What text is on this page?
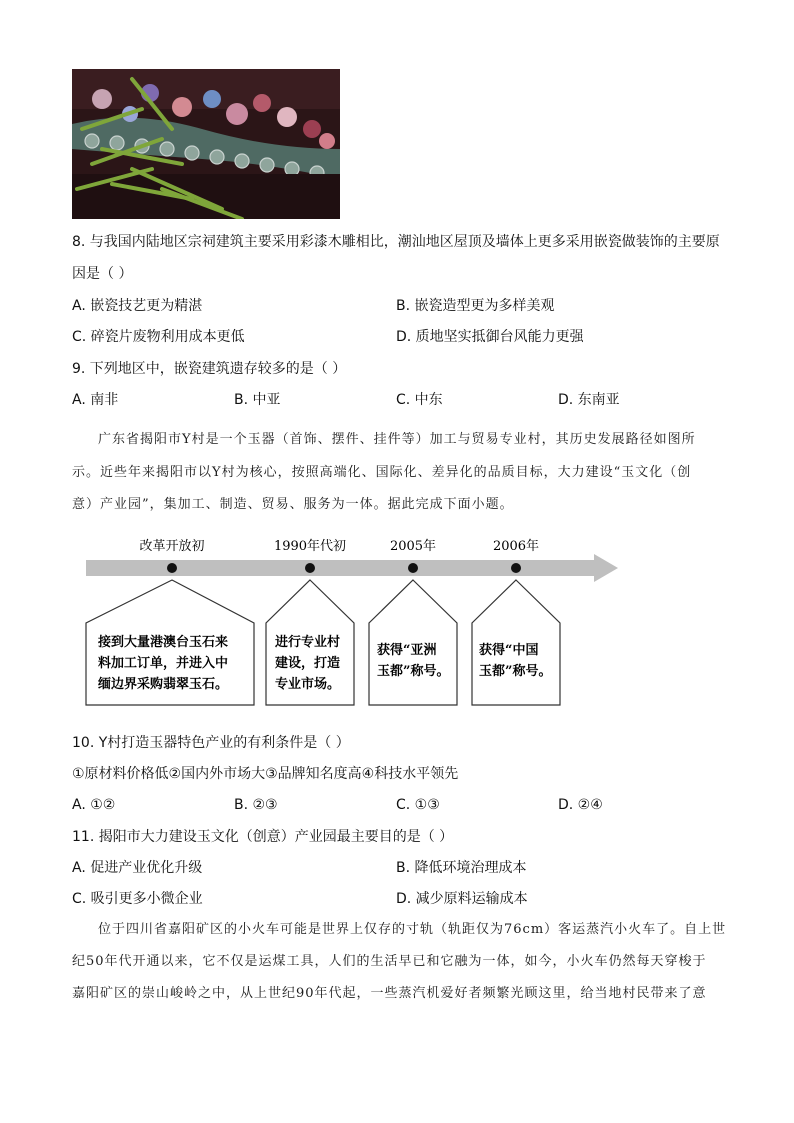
8. 与我国内陆地区宗祠建筑主要采用彩漆木雕相比，潮汕地区屋顶及墙体上更多采用嵌瓷做装饰的主要原
因是（ ）
A. 嵌瓷技艺更为精湛	B. 嵌瓷造型更为多样美观
C. 碎瓷片废物利用成本更低	D. 质地坚实抵御台风能力更强
9. 下列地区中，嵌瓷建筑遗存较多的是（ ）
A. 南非	B. 中亚	C. 中东	D. 东南亚
广东省揭阳市Y村是一个玉器（首饰、摆件、挂件等）加工与贸易专业村，其历史发展路径如图所
示。近些年来揭阳市以Y村为核心，按照高端化、国际化、差异化的品质目标，大力建设“玉文化（创
意）产业园”，集加工、制造、贸易、服务为一体。据此完成下面小题。
改革开放初
接到大量港澳台玉石来
料加工订单，并进入中
缅边界采购翡翠玉石。
1990年代初
进行专业村
建设，打造
专业市场。
2005年
获得“亚洲
玉都”称号。
2006年
获得“中国
玉都”称号。
10. Y村打造玉器特色产业的有利条件是（ ）
①原材料价格低②国内外市场大③品牌知名度高④科技水平领先
A. ①②	B. ②③	C. ①③	D. ②④
11. 揭阳市大力建设玉文化（创意）产业园最主要目的是（ ）
A. 促进产业优化升级	B. 降低环境治理成本
C. 吸引更多小微企业	D. 减少原料运输成本
位于四川省嘉阳矿区的小火车可能是世界上仅存的寸轨（轨距仅为76cm）客运蒸汽小火车了。自上世
纪50年代开通以来，它不仅是运煤工具，人们的生活早已和它融为一体，如今，小火车仍然每天穿梭于
嘉阳矿区的崇山峻岭之中，从上世纪90年代起，一些蒸汽机爱好者频繁光顾这里，给当地村民带来了意
